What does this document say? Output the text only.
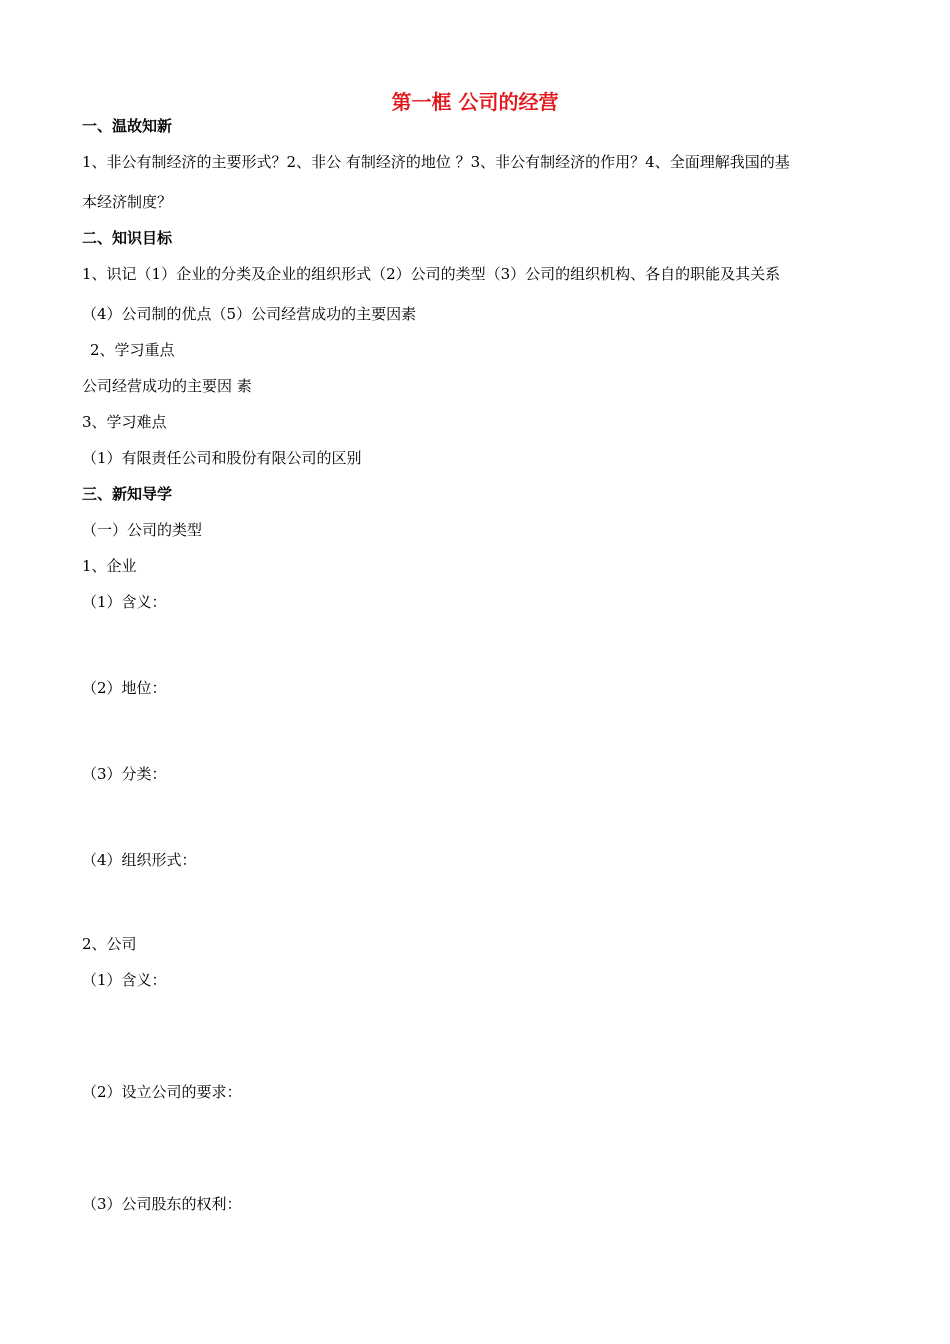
第一框 公司的经营
一、温故知新
1、非公有制经济的主要形式？2、非公 有制经济的地位 ？3、非公有制经济的作用？4、全面理解我国的基
本经济制度？
二、知识目标
1、识记（1）企业的分类及企业的组织形式（2）公司的类型（3）公司的组织机构、各自的职能及其关系
（4）公司制的优点（5）公司经营成功的主要因素
2、学习重点
公司经营成功的主要因 素
3、学习难点
（1）有限责任公司和股份有限公司的区别
三、新知导学
（一）公司的类型
1、企业
（1）含义：
（2）地位：
（3）分类：
（4）组织形式：
2、公司
（1）含义：
（2）设立公司的要求：
（3）公司股东的权利：
